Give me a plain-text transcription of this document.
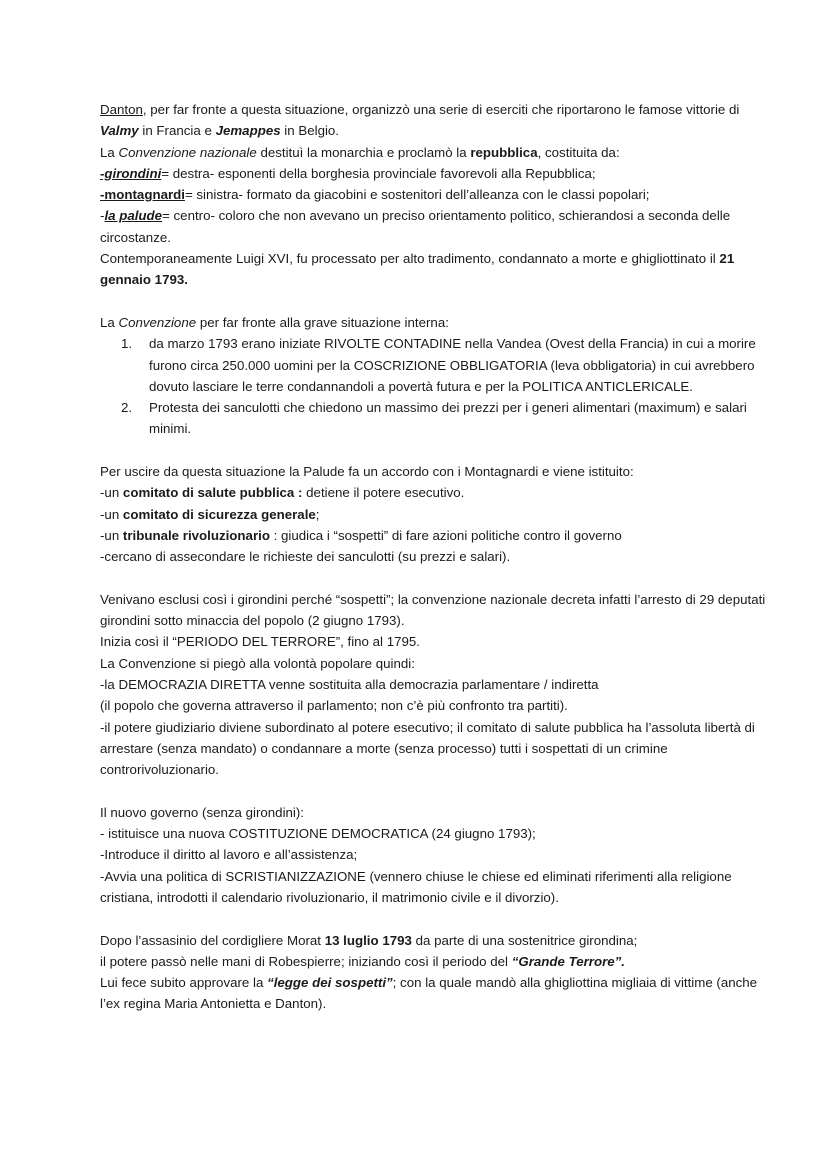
Danton, per far fronte a questa situazione, organizzò una serie di eserciti che riportarono le famose vittorie di Valmy in Francia e Jemappes in Belgio.

La Convenzione nazionale destituì la monarchia e proclamò la repubblica, costituita da:

-girondini= destra- esponenti della borghesia provinciale favorevoli alla Repubblica;

-montagnardi= sinistra- formato da giacobini e sostenitori dell’alleanza con le classi popolari;

-la palude= centro- coloro che non avevano un preciso orientamento politico, schierandosi a seconda delle circostanze.

Contemporaneamente Luigi XVI, fu processato per alto tradimento, condannato a morte e ghigliottinato il 21 gennaio 1793.

La Convenzione per far fronte alla grave situazione interna:

1. da marzo 1793 erano iniziate RIVOLTE CONTADINE nella Vandea (Ovest della Francia) in cui a morire furono circa 250.000 uomini per la COSCRIZIONE OBBLIGATORIA (leva obbligatoria) in cui avrebbero dovuto lasciare le terre condannandoli a povertà futura e per la POLITICA ANTICLERICALE.
2. Protesta dei sanculotti che chiedono un massimo dei prezzi per i generi alimentari (maximum) e salari minimi.

Per uscire da questa situazione la Palude fa un accordo con i Montagnardi e viene istituito:

-un comitato di salute pubblica : detiene il potere esecutivo.

-un comitato di sicurezza generale;

-un tribunale rivoluzionario : giudica i “sospetti” di fare azioni politiche contro il governo

-cercano di assecondare le richieste dei sanculotti (su prezzi e salari).

Venivano esclusi così i girondini perché “sospetti”; la convenzione nazionale decreta infatti l’arresto di 29 deputati girondini sotto minaccia del popolo (2 giugno 1793).

Inizia così il “PERIODO DEL TERRORE”, fino al 1795.

La Convenzione si piegò alla volontà popolare quindi:

-la DEMOCRAZIA DIRETTA venne sostituita alla democrazia parlamentare / indiretta

(il popolo che governa attraverso il parlamento; non c’è più confronto tra partiti).

-il potere giudiziario diviene subordinato al potere esecutivo; il comitato di salute pubblica ha l’assoluta libertà di arrestare (senza mandato) o condannare a morte (senza processo) tutti i sospettati di un crimine controrivoluzionario.

Il nuovo governo (senza girondini):

- istituisce una nuova COSTITUZIONE DEMOCRATICA (24 giugno 1793);

-Introduce il diritto al lavoro e all’assistenza;

-Avvia una politica di SCRISTIANIZZAZIONE (vennero chiuse le chiese ed eliminati riferimenti alla religione cristiana, introdotti il calendario rivoluzionario, il matrimonio civile e il divorzio).

Dopo l’assasinio del cordigliere Morat 13 luglio 1793 da parte di una sostenitrice girondina;

il potere passò nelle mani di Robespierre; iniziando così il periodo del “Grande Terrore”.

Lui fece subito approvare la “legge dei sospetti”; con la quale mandò alla ghigliottina migliaia di vittime (anche l’ex regina Maria Antonietta e Danton).
